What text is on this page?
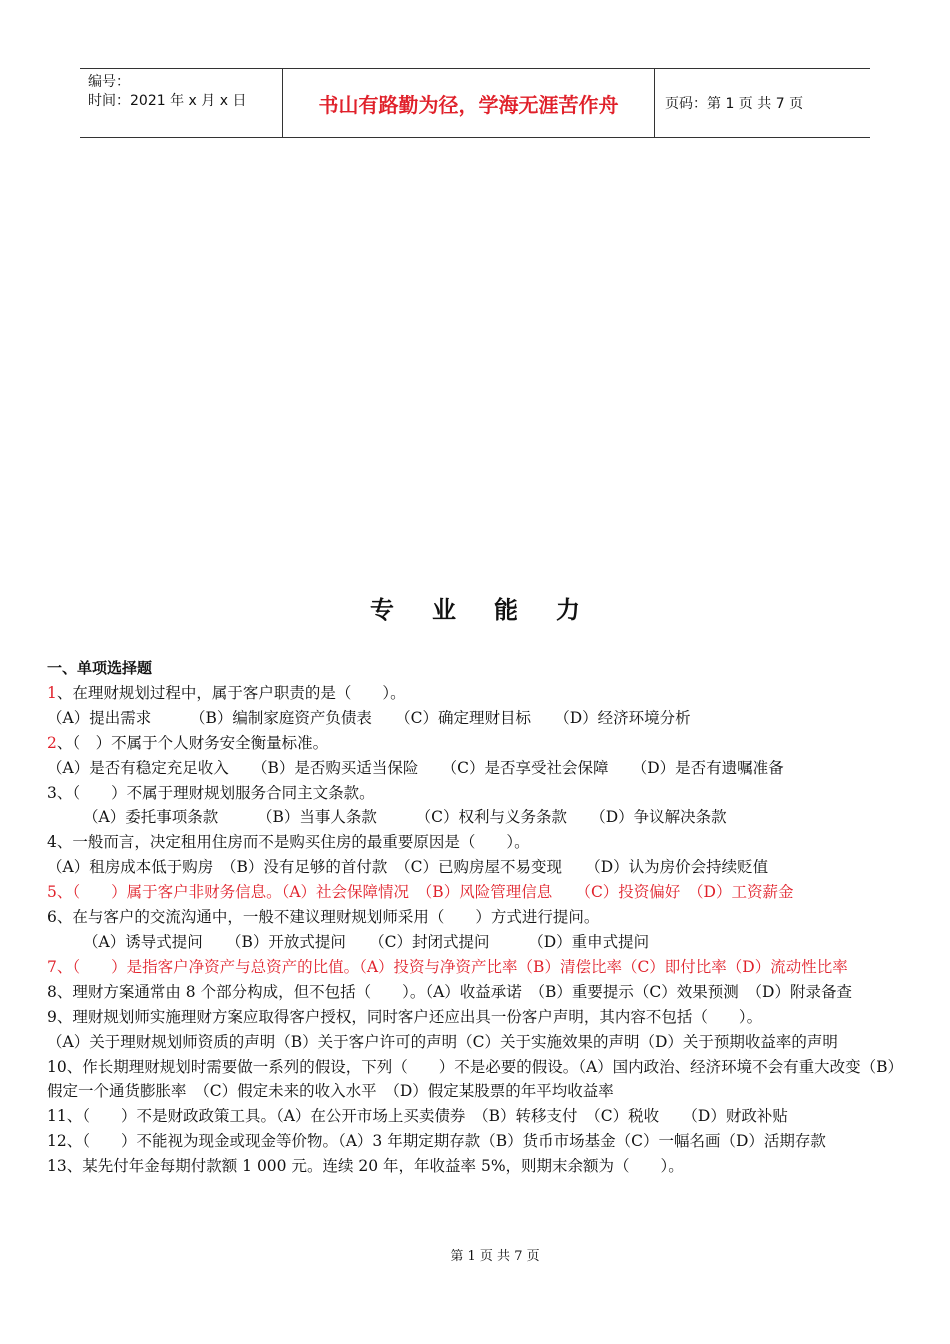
编号：
时间：2021 年 x 月 x 日	书山有路勤为径，学海无涯苦作舟	页码：第 1 页 共 7 页
专业能力
一、单项选择题
1、在理财规划过程中，属于客户职责的是（　　）。
（A）提出需求　　　（B）编制家庭资产负债表　　（C）确定理财目标　　（D）经济环境分析
2、（　）不属于个人财务安全衡量标准。
（A）是否有稳定充足收入　　（B）是否购买适当保险　　（C）是否享受社会保障　　（D）是否有遗嘱准备
3、（　　）不属于理财规划服务合同主文条款。
（A）委托事项条款　　　（B）当事人条款　　　（C）权利与义务条款　　（D）争议解决条款
4、一般而言，决定租用住房而不是购买住房的最重要原因是（　　）。
（A）租房成本低于购房　（B）没有足够的首付款　（C）已购房屋不易变现　　（D）认为房价会持续贬值
5、（　　）属于客户非财务信息。（A）社会保障情况　（B）风险管理信息　　（C）投资偏好　（D）工资薪金
6、在与客户的交流沟通中，一般不建议理财规划师采用（　　）方式进行提问。
（A）诱导式提问　　（B）开放式提问　　（C）封闭式提问　　　（D）重申式提问
7、（　　）是指客户净资产与总资产的比值。（A）投资与净资产比率（B）清偿比率（C）即付比率（D）流动性比率
8、理财方案通常由 8 个部分构成，但不包括（　　）。（A）收益承诺　（B）重要提示（C）效果预测　（D）附录备查
9、理财规划师实施理财方案应取得客户授权，同时客户还应出具一份客户声明，其内容不包括（　　）。
（A）关于理财规划师资质的声明（B）关于客户许可的声明（C）关于实施效果的声明（D）关于预期收益率的声明
10、作长期理财规划时需要做一系列的假设，下列（　　）不是必要的假设。（A）国内政治、经济环境不会有重大改变（B）假定一个通货膨胀率　（C）假定未来的收入水平　（D）假定某股票的年平均收益率
11、（　　）不是财政政策工具。（A）在公开市场上买卖债券　（B）转移支付　（C）税收　　（D）财政补贴
12、（　　）不能视为现金或现金等价物。（A）3 年期定期存款（B）货币市场基金（C）一幅名画（D）活期存款
13、某先付年金每期付款额 1 000 元。连续 20 年，年收益率 5%，则期末余额为（　　）。
第 1 页 共 7 页
